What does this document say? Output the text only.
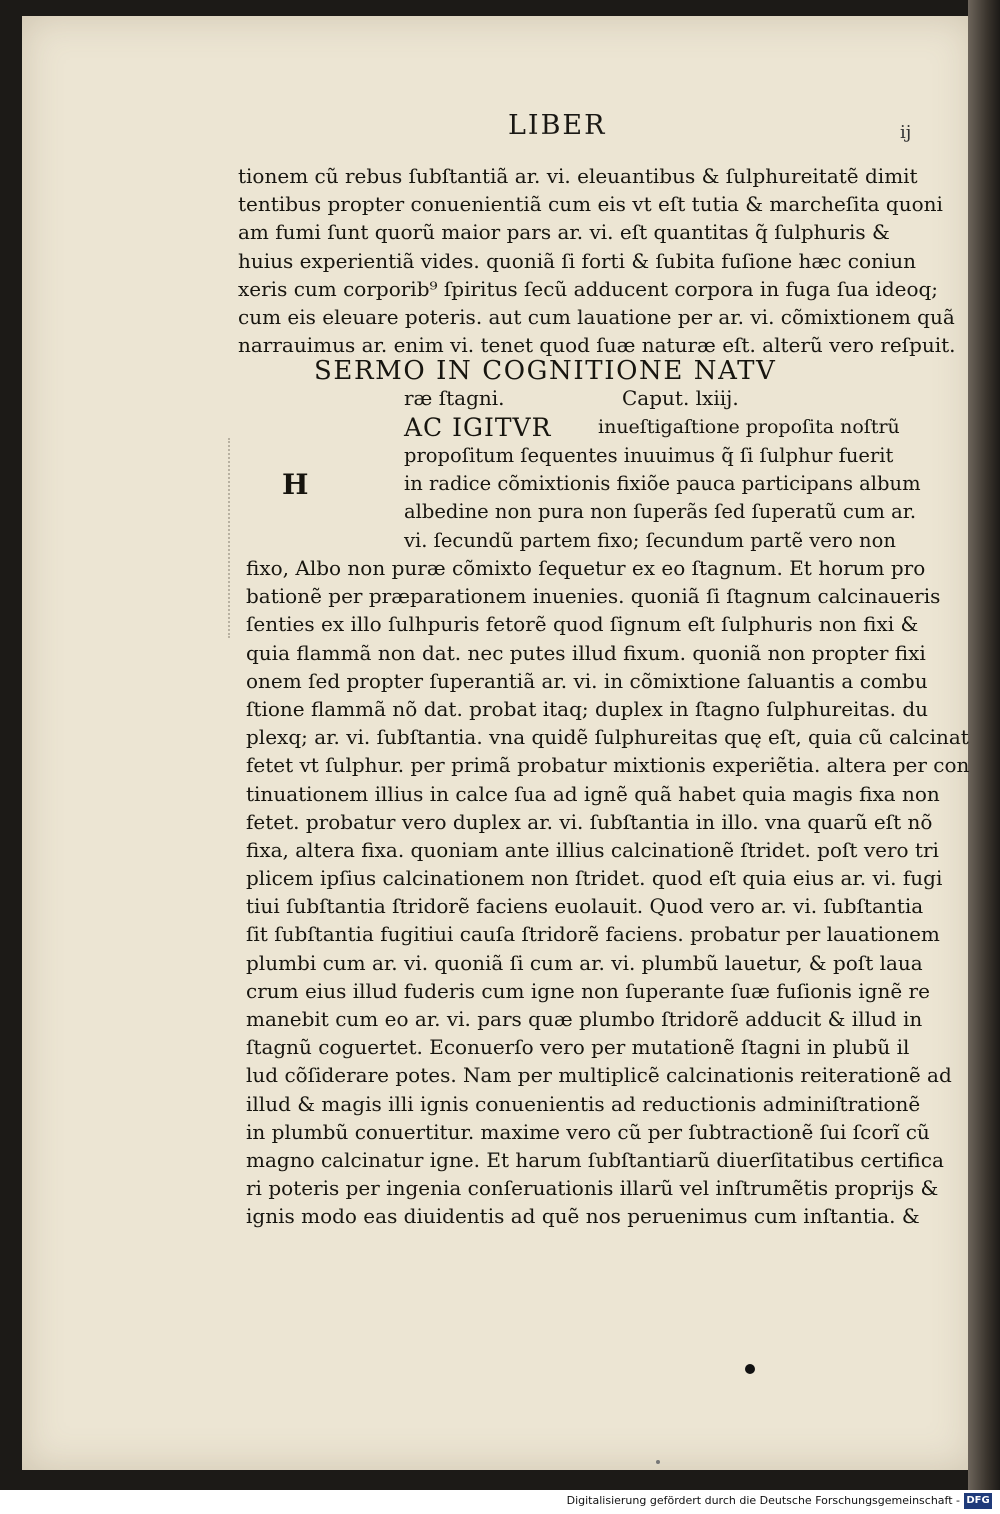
LIBER	ij
tionem cũ rebus ſubſtantiã ar. vi. eleuantibus & ſulphureitatẽ dimit
tentibus propter conuenientiã cum eis vt eſt tutia & marcheſita quoni
am fumi ſunt quorũ maior pars ar. vi. eſt quantitas q̃ ſulphuris &
huius experientiã vides. quoniã ſi forti & ſubita fuſione hæc coniun
xeris cum corporib⁹ ſpiritus ſecũ adducent corpora in fuga ſua ideoq;
cum eis eleuare poteris. aut cum lauatione per ar. vi. cõmixtionem quã
narrauimus ar. enim vi. tenet quod ſuæ naturæ eſt. alterũ vero reſpuit.
SERMO IN COGNITIONE NATV
ræ ſtagni.	Caput. lxiij.
H
AC IGITVR inueſtigaſtione propoſita noſtrũ
propoſitum ſequentes inuuimus q̃ ſi ſulphur fuerit
in radice cõmixtionis fixiõe pauca participans album
albedine non pura non ſuperãs ſed ſuperatũ cum ar.
vi. ſecundũ partem fixo; ſecundum partẽ vero non
fixo, Albo non puræ cõmixto ſequetur ex eo ſtagnum. Et horum pro
bationẽ per præparationem inuenies. quoniã ſi ſtagnum calcinaueris
ſenties ex illo ſulhpuris fetorẽ quod ſignum eſt ſulphuris non fixi &
quia flammã non dat. nec putes illud fixum. quoniã non propter fixi
onem ſed propter ſuperantiã ar. vi. in cõmixtione ſaluantis a combu
ſtione flammã nõ dat. probat itaq; duplex in ſtagno ſulphureitas. du
plexq; ar. vi. ſubſtantia. vna quidẽ ſulphureitas quę eſt, quia cũ calcinat
fetet vt ſulphur. per primã probatur mixtionis experiẽtia. altera per con
tinuationem illius in calce ſua ad ignẽ quã habet quia magis fixa non
fetet. probatur vero duplex ar. vi. ſubſtantia in illo. vna quarũ eſt nõ
fixa, altera fixa. quoniam ante illius calcinationẽ ſtridet. poſt vero tri
plicem ipſius calcinationem non ſtridet. quod eſt quia eius ar. vi. fugi
tiui ſubſtantia ſtridorẽ faciens euolauit. Quod vero ar. vi. ſubſtantia
ſit ſubſtantia fugitiui cauſa ſtridorẽ faciens. probatur per lauationem
plumbi cum ar. vi. quoniã ſi cum ar. vi. plumbũ lauetur, & poſt laua
crum eius illud fuderis cum igne non ſuperante ſuæ fuſionis ignẽ re
manebit cum eo ar. vi. pars quæ plumbo ſtridorẽ adducit & illud in
ſtagnũ coguertet. Econuerſo vero per mutationẽ ſtagni in plubũ il
lud cõſiderare potes. Nam per multiplicẽ calcinationis reiterationẽ ad
illud & magis illi ignis conuenientis ad reductionis adminiſtrationẽ
in plumbũ conuertitur. maxime vero cũ per ſubtractionẽ ſui ſcorı̃ cũ
magno calcinatur igne. Et harum ſubſtantiarũ diuerſitatibus certifica
ri poteris per ingenia conſeruationis illarũ vel inſtrumẽtis proprijs &
ignis modo eas diuidentis ad quẽ nos peruenimus cum inſtantia. &
Digitalisierung gefördert durch die Deutsche Forschungsgemeinschaft - DFG
